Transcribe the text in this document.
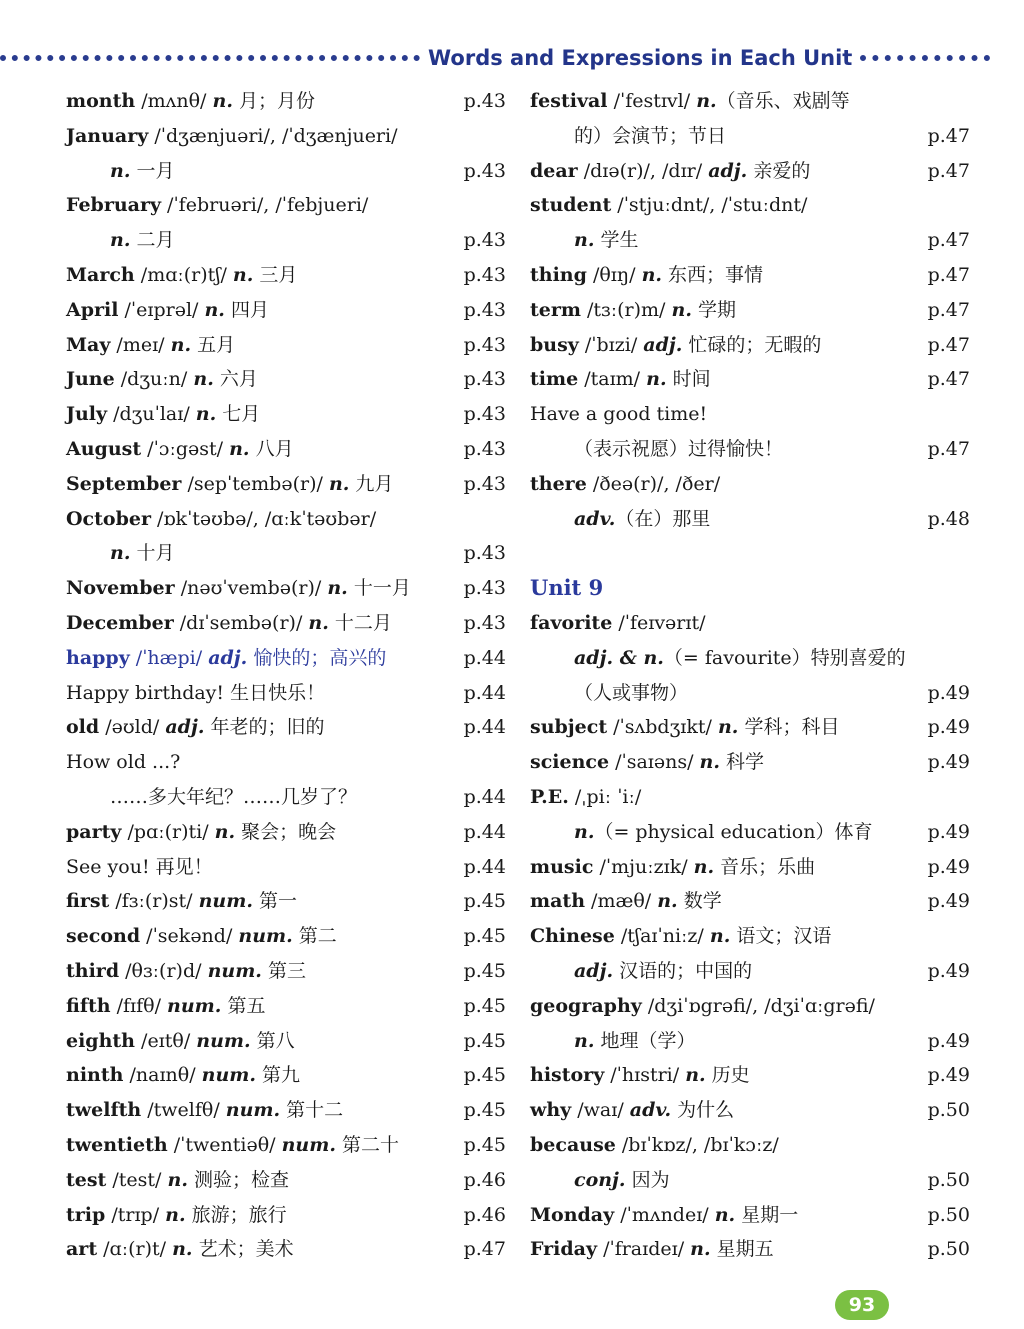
Words and Expressions in Each Unit
month /mʌnθ/ n. 月；月份	p.43
January /ˈdʒænjuəri/, /ˈdʒænjueri/
n. 一月	p.43
February /ˈfebruəri/, /ˈfebjueri/
n. 二月	p.43
March /mɑː(r)tʃ/ n. 三月	p.43
April /ˈeɪprəl/ n. 四月	p.43
May /meɪ/ n. 五月	p.43
June /dʒuːn/ n. 六月	p.43
July /dʒuˈlaɪ/ n. 七月	p.43
August /ˈɔːgəst/ n. 八月	p.43
September /sepˈtembə(r)/ n. 九月	p.43
October /ɒkˈtəʊbə/, /ɑːkˈtəʊbər/
n. 十月	p.43
November /nəʊˈvembə(r)/ n. 十一月	p.43
December /dɪˈsembə(r)/ n. 十二月	p.43
happy /ˈhæpi/ adj. 愉快的；高兴的	p.44
Happy birthday! 生日快乐！	p.44
old /əʊld/ adj. 年老的；旧的	p.44
How old ...?
……多大年纪？……几岁了？	p.44
party /pɑː(r)ti/ n. 聚会；晚会	p.44
See you! 再见！	p.44
first /fɜː(r)st/ num. 第一	p.45
second /ˈsekənd/ num. 第二	p.45
third /θɜː(r)d/ num. 第三	p.45
fifth /fɪfθ/ num. 第五	p.45
eighth /eɪtθ/ num. 第八	p.45
ninth /naɪnθ/ num. 第九	p.45
twelfth /twelfθ/ num. 第十二	p.45
twentieth /ˈtwentiəθ/ num. 第二十	p.45
test /test/ n. 测验；检查	p.46
trip /trɪp/ n. 旅游；旅行	p.46
art /ɑː(r)t/ n. 艺术；美术	p.47
festival /ˈfestɪvl/ n.（音乐、戏剧等
的）会演节；节日	p.47
dear /dɪə(r)/, /dɪr/ adj. 亲爱的	p.47
student /ˈstjuːdnt/, /ˈstuːdnt/
n. 学生	p.47
thing /θɪŋ/ n. 东西；事情	p.47
term /tɜː(r)m/ n. 学期	p.47
busy /ˈbɪzi/ adj. 忙碌的；无暇的	p.47
time /taɪm/ n. 时间	p.47
Have a good time!
（表示祝愿）过得愉快！	p.47
there /ðeə(r)/, /ðer/
adv.（在）那里	p.48
Unit 9
favorite /ˈfeɪvərɪt/
adj. & n.（= favourite）特别喜爱的
（人或事物）	p.49
subject /ˈsʌbdʒɪkt/ n. 学科；科目	p.49
science /ˈsaɪəns/ n. 科学	p.49
P.E. /ˌpiː ˈiː/
n.（= physical education）体育	p.49
music /ˈmjuːzɪk/ n. 音乐；乐曲	p.49
math /mæθ/ n. 数学	p.49
Chinese /tʃaɪˈniːz/ n. 语文；汉语
adj. 汉语的；中国的	p.49
geography /dʒiˈɒgrəfi/, /dʒiˈɑːgrəfi/
n. 地理（学）	p.49
history /ˈhɪstri/ n. 历史	p.49
why /waɪ/ adv. 为什么	p.50
because /bɪˈkɒz/, /bɪˈkɔːz/
conj. 因为	p.50
Monday /ˈmʌndeɪ/ n. 星期一	p.50
Friday /ˈfraɪdeɪ/ n. 星期五	p.50
93
